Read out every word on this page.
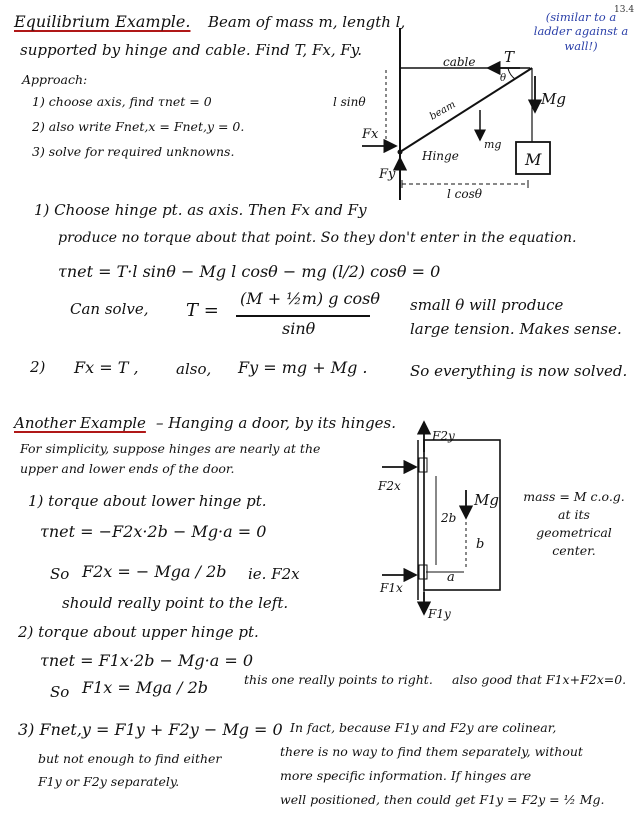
13.4
Equilibrium Example. Beam of mass m, length l,
supported by hinge and cable. Find T, Fx, Fy.
(similar to a ladder against a wall!)
Approach:
1) choose axis, find τnet = 0
2) also write Fnet,x = Fnet,y = 0.
3) solve for required unknowns.
cable T
θ
beam
Hinge
l sinθ
l cosθ
Mg
mg
M
Fx
Fy
1) Choose hinge pt. as axis. Then Fx and Fy
produce no torque about that point. So they don't enter in the equation.
τnet = T·l sinθ − Mg l cosθ − mg (l/2) cosθ = 0
Can solve, T =
(M + ½m) g cosθ
sinθ
small θ will produce
large tension. Makes sense.
2) Fx = T , also, Fy = mg + Mg .	So everything is now solved.
Another Example – Hanging a door, by its hinges.
For simplicity, suppose hinges are nearly at the
upper and lower ends of the door.
F2y
F2x
F1x
F1y
Mg
2b
b
a
mass = M c.o.g. at its geometrical center.
1) torque about lower hinge pt.
τnet = −F2x·2b − Mg·a = 0
So F2x = − Mga / 2b ie. F2x
should really point to the left.
2) torque about upper hinge pt.
τnet = F1x·2b − Mg·a = 0
So F1x = Mga / 2b	this one really points to right. also good that F1x+F2x=0.
3) Fnet,y = F1y + F2y − Mg = 0
but not enough to find either
F1y or F2y separately.
In fact, because F1y and F2y are colinear,
there is no way to find them separately, without
more specific information. If hinges are
well positioned, then could get F1y = F2y = ½ Mg.
